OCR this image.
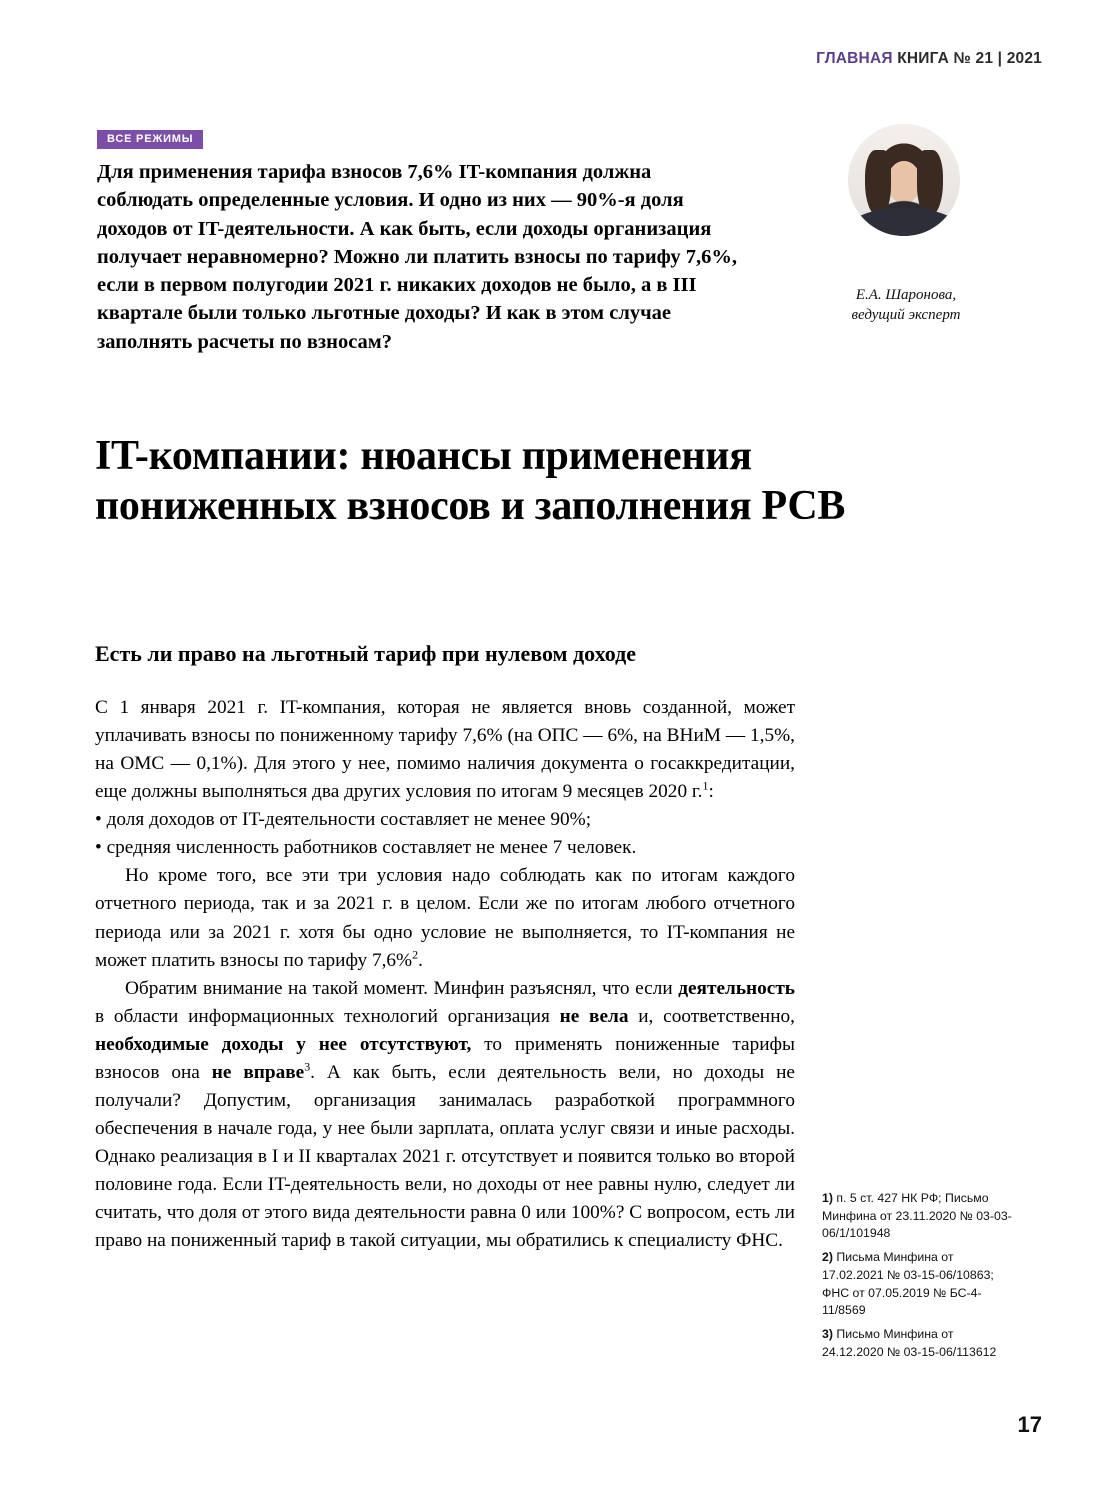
ГЛАВНАЯ КНИГА № 21 | 2021
ВСЕ РЕЖИМЫ
Для применения тарифа взносов 7,6% IT-компания должна соблюдать определенные условия. И одно из них — 90%-я доля доходов от IT-деятельности. А как быть, если доходы организация получает неравномерно? Можно ли платить взносы по тарифу 7,6%, если в первом полугодии 2021 г. никаких доходов не было, а в III квартале были только льготные доходы? И как в этом случае заполнять расчеты по взносам?
Е.А. Шаронова,
ведущий эксперт
IT-компании: нюансы применения пониженных взносов и заполнения РСВ
Есть ли право на льготный тариф при нулевом доходе

С 1 января 2021 г. IT-компания, которая не является вновь созданной, может уплачивать взносы по пониженному тарифу 7,6% (на ОПС — 6%, на ВНиМ — 1,5%, на ОМС — 0,1%). Для этого у нее, помимо наличия документа о госаккредитации, еще должны выполняться два других условия по итогам 9 месяцев 2020 г.$^1$:

• доля доходов от IT-деятельности составляет не менее 90%;

• средняя численность работников составляет не менее 7 человек.

Но кроме того, все эти три условия надо соблюдать как по итогам каждого отчетного периода, так и за 2021 г. в целом. Если же по итогам любого отчетного периода или за 2021 г. хотя бы одно условие не выполняется, то IT-компания не может платить взносы по тарифу 7,6%$^2$.

Обратим внимание на такой момент. Минфин разъяснял, что если деятельность в области информационных технологий организация не вела и, соответственно, необходимые доходы у нее отсутствуют, то применять пониженные тарифы взносов она не вправе$^3$. А как быть, если деятельность вели, но доходы не получали? Допустим, организация занималась разработкой программного обеспечения в начале года, у нее были зарплата, оплата услуг связи и иные расходы. Однако реализация в I и II кварталах 2021 г. отсутствует и появится только во второй половине года. Если IT-деятельность вели, но доходы от нее равны нулю, следует ли считать, что доля от этого вида деятельности равна 0 или 100%? С вопросом, есть ли право на пониженный тариф в такой ситуации, мы обратились к специалисту ФНС.

1) п. 5 ст. 427 НК РФ; Письмо Минфина от 23.11.2020 № 03-03-06/1/101948
2) Письма Минфина от 17.02.2021 № 03-15-06/10863; ФНС от 07.05.2019 № БС-4-11/8569
3) Письмо Минфина от 24.12.2020 № 03-15-06/113612
17
